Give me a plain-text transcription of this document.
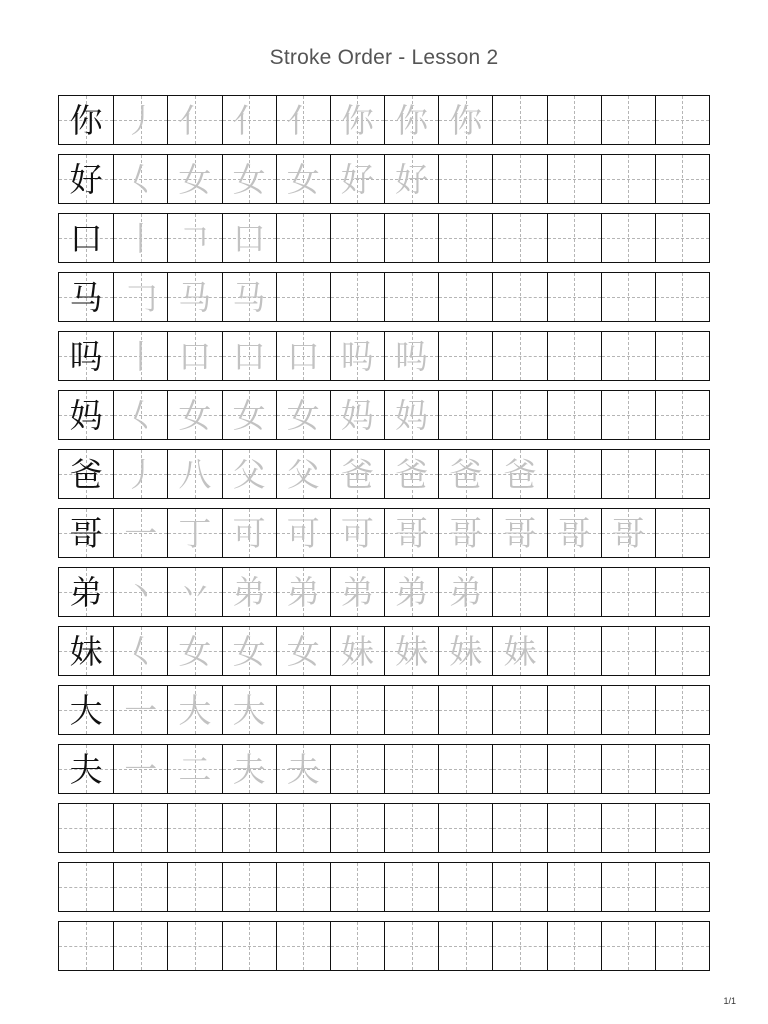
Stroke Order - Lesson 2
你 丿 亻 亻 亻 你 你 你
好 𡿨 女 女 女 好 好
口 丨 𠃍 口
马 𠃌 马 马
吗 丨 口 口 口 吗 吗
妈 𡿨 女 女 女 妈 妈
爸 丿 八 父 父 爸 爸 爸 爸
哥 一 丁 可 可 可 哥 哥 哥 哥 哥
弟 丶 丷 弟 弟 弟 弟 弟
妹 𡿨 女 女 女 妹 妹 妹 妹
大 一 大 大
夫 一 二 夫 夫
1/1
